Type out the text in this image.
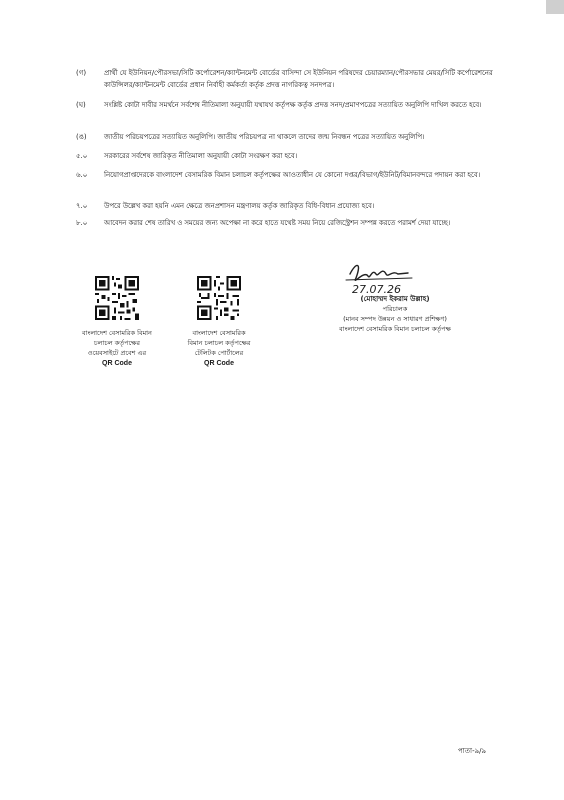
(গ)	প্রার্থী যে ইউনিয়ন/পৌরসভা/সিটি কর্পোরেশন/ক্যান্টনমেন্ট বোর্ডের বাসিন্দা সে ইউনিয়ন পরিষদের চেয়ারম্যান/পৌরসভার মেয়র/সিটি কর্পোরেশনের কাউন্সিলর/ক্যান্টনমেন্ট বোর্ডের প্রধান নির্বাহী কর্মকর্তা কর্তৃক প্রদত্ত নাগরিকত্ব সনদপত্র।
(ঘ)	সংশ্লিষ্ট কোটা দাবীর সমর্থনে সর্বশেষ নীতিমালা অনুযায়ী যথাযথ কর্তৃপক্ষ কর্তৃক প্রদত্ত সনদ/প্রমাণপত্রের সত্যায়িত অনুলিপি দাখিল করতে হবে।
(ঙ) জাতীয় পরিচয়পত্রের সত্যায়িত অনুলিপি। জাতীয় পরিচয়পত্র না থাকলে তাদের জন্ম নিবন্ধন পত্রের সত্যায়িত অনুলিপি।
৫.০ সরকারের সর্বশেষ জারিকৃত নীতিমালা অনুযায়ী কোটা সংরক্ষণ করা হবে।
৬.০ নিয়োগপ্রাপ্তদেরকে বাংলাদেশ বেসামরিক বিমান চলাচল কর্তৃপক্ষের আওতাধীন যে কোনো দপ্তর/বিভাগ/ইউনিট/বিমানবন্দরে পদায়ন করা হবে।
৭.০ উপরে উল্লেখ করা হয়নি এমন ক্ষেত্রে জনপ্রশাসন মন্ত্রণালয় কর্তৃক জারিকৃত বিধি-বিধান প্রযোজ্য হবে।
৮.০ আবেদন করার শেষ তারিখ ও সময়ের জন্য অপেক্ষা না করে হাতে যথেষ্ট সময় নিয়ে রেজিস্ট্রেশন সম্পন্ন করতে পরামর্শ দেয়া যাচ্ছে।
বাংলাদেশ বেসামরিক বিমান
চলাচল কর্তৃপক্ষের
ওয়েবসাইটে প্রবেশ এর
QR Code
বাংলাদেশ বেসামরিক
বিমান চলাচল কর্তৃপক্ষের
টেলিটক পোর্টালের
QR Code
27.07.26
(মোহাম্মদ ইকরাম উল্লাহ)
পরিচালক
(মানব সম্পদ উন্নয়ন ও সাধারণ প্রশিক্ষণ)
বাংলাদেশ বেসামরিক বিমান চলাচল কর্তৃপক্ষ
পাতা-৯/৯
